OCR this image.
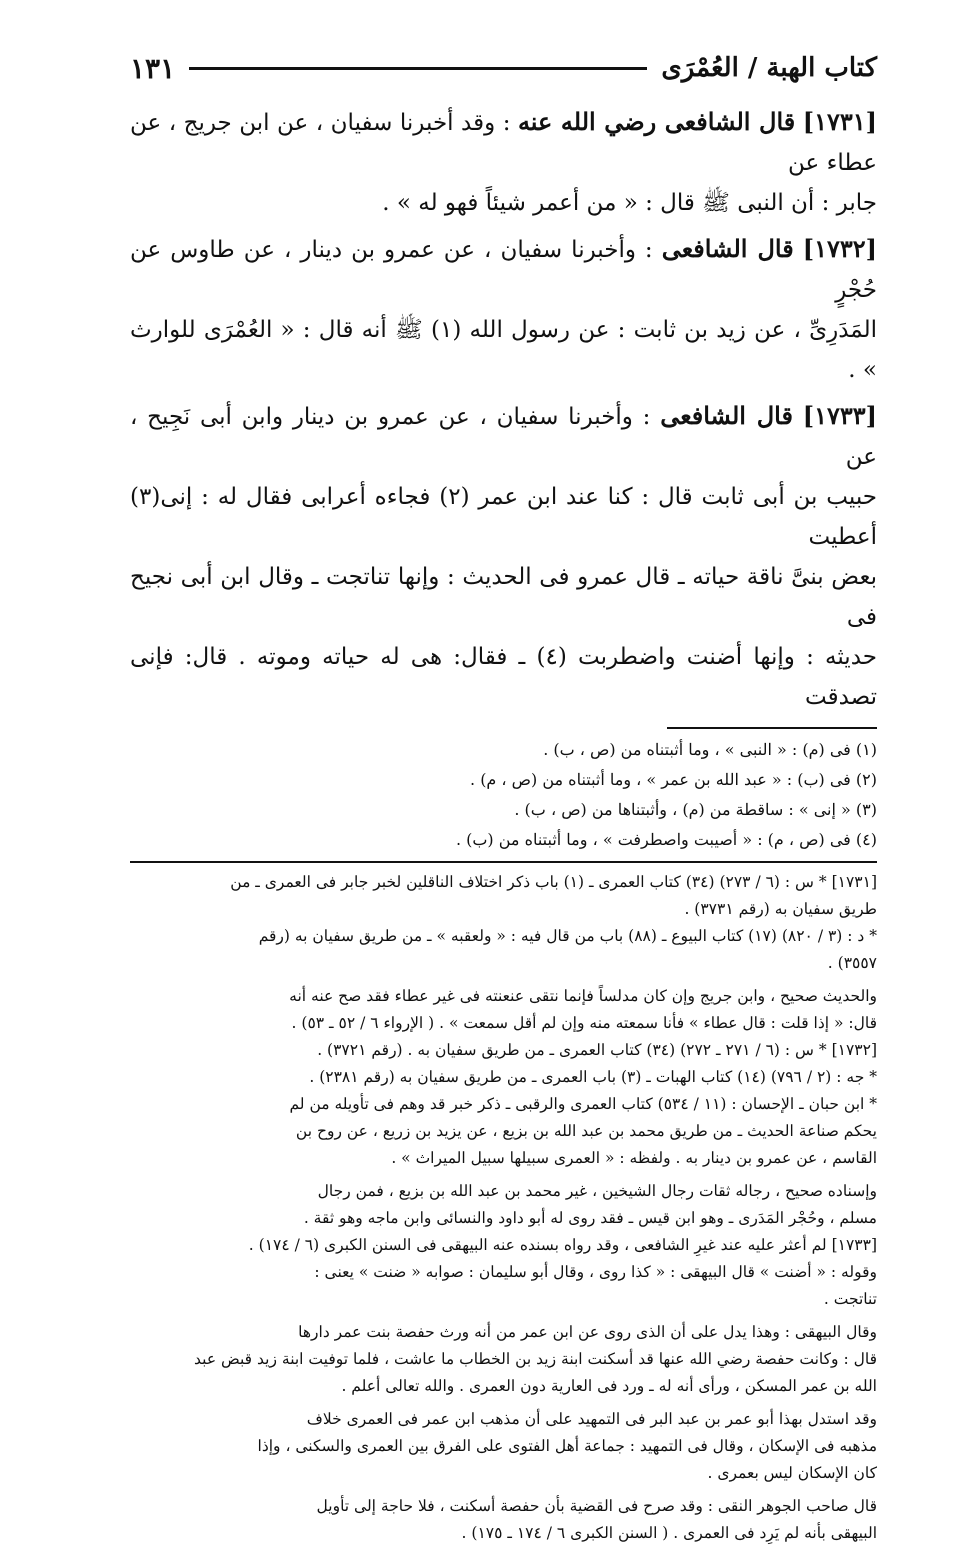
كتاب الهبة / العُمْرَى
١٣١

[١٧٣١] قال الشافعى رضي الله عنه : وقد أخبرنا سفيان ، عن ابن جريج ، عن عطاء عن

جابر : أن النبى ﷺ قال : « من أعمر شيئاً فهو له » .

[١٧٣٢] قال الشافعى : وأخبرنا سفيان ، عن عمرو بن دينار ، عن طاوس عن حُجْرٍ

المَدَرِىِّ ، عن زيد بن ثابت : عن رسول الله (١) ﷺ أنه قال : « العُمْرَى للوارث » .

[١٧٣٣] قال الشافعى : وأخبرنا سفيان ، عن عمرو بن دينار وابن أبى نَجِيح ، عن

حبيب بن أبى ثابت قال : كنا عند ابن عمر (٢) فجاءه أعرابى فقال له : إنى(٣) أعطيت

بعض بنىَّ ناقة حياته ـ قال عمرو فى الحديث : وإنها تناتجت ـ وقال ابن أبى نجيح فى

حديثه : وإنها أضنت واضطربت (٤) ـ فقال: هى له حياته وموته . قال: فإنى تصدقت

(١) فى (م) : « النبى » ، وما أثبتناه من (ص ، ب) .

(٢) فى (ب) : « عبد الله بن عمر » ، وما أثبتناه من (ص ، م) .

(٣) « إنى » : ساقطة من (م) ، وأثبتناها من (ص ، ب) .

(٤) فى (ص ، م) : « أصيبت واصطرفت » ، وما أثبتناه من (ب) .

[١٧٣١] * س : (٦ / ٢٧٣) (٣٤) كتاب العمرى ـ (١) باب ذكر اختلاف الناقلين لخبر جابر فى العمرى ـ من

طريق سفيان به (رقم ٣٧٣١) .

* د : (٣ / ٨٢٠) (١٧) كتاب البيوع ـ (٨٨) باب من قال فيه : « ولعقبه » ـ من طريق سفيان به (رقم

٣٥٥٧) .

والحديث صحيح ، وابن جريج وإن كان مدلساً فإنما نتقى عنعنته فى غير عطاء فقد صح عنه أنه

قال: « إذا قلت : قال عطاء » فأنا سمعته منه وإن لم أقل سمعت » . ( الإرواء ٦ / ٥٢ ـ ٥٣) .

[١٧٣٢] * س : (٦ / ٢٧١ ـ ٢٧٢) (٣٤) كتاب العمرى ـ من طريق سفيان به . (رقم ٣٧٢١) .

* جه : (٢ / ٧٩٦) (١٤) كتاب الهبات ـ (٣) باب العمرى ـ من طريق سفيان به (رقم ٢٣٨١) .

* ابن حبان ـ الإحسان : (١١ / ٥٣٤) كتاب العمرى والرقبى ـ ذكر خبر قد وهم فى تأويله من لم

يحكم صناعة الحديث ـ من طريق محمد بن عبد الله بن بزيع ، عن يزيد بن زريع ، عن روح بن

القاسم ، عن عمرو بن دينار به . ولفظه : « العمرى سبيلها سبيل الميراث » .

وإسناده صحيح ، رجاله ثقات رجال الشيخين ، غير محمد بن عبد الله بن بزيع ، فمن رجال

مسلم ، وحُجْر المَدَرى ـ وهو ابن قيس ـ فقد روى له أبو داود والنسائى وابن ماجه وهو ثقة .

[١٧٣٣] لم أعثر عليه عند غيرِ الشافعى ، وقد رواه بسنده عنه البيهقى فى السنن الكبرى (٦ / ١٧٤) .

وقوله : « أضنت » قال البيهقى : « كذا روى ، وقال أبو سليمان : صوابه « ضنت » يعنى :

تناتجت .

وقال البيهقى : وهذا يدل على أن الذى روى عن ابن عمر من أنه ورث حفصة بنت عمر دارها

قال : وكانت حفصة رضي الله عنها قد أسكنت ابنة زيد بن الخطاب ما عاشت ، فلما توفيت ابنة زيد قبض عبد

الله بن عمر المسكن ، ورأى أنه له ـ ورد فى العارية دون العمرى . والله تعالى أعلم .

وقد استدل بهذا أبو عمر بن عبد البر فى التمهيد على أن مذهب ابن عمر فى العمرى خلاف

مذهبه فى الإسكان ، وقال فى التمهيد : جماعة أهل الفتوى على الفرق بين العمرى والسكنى ، وإذا

كان الإسكان ليس بعمرى .

قال صاحب الجوهر النقى : وقد صرح فى القضية بأن حفصة أسكنت ، فلا حاجة إلى تأويل

البيهقى بأنه لم يَرِد فى العمرى . ( السنن الكبرى ٦ / ١٧٤ ـ ١٧٥) .
